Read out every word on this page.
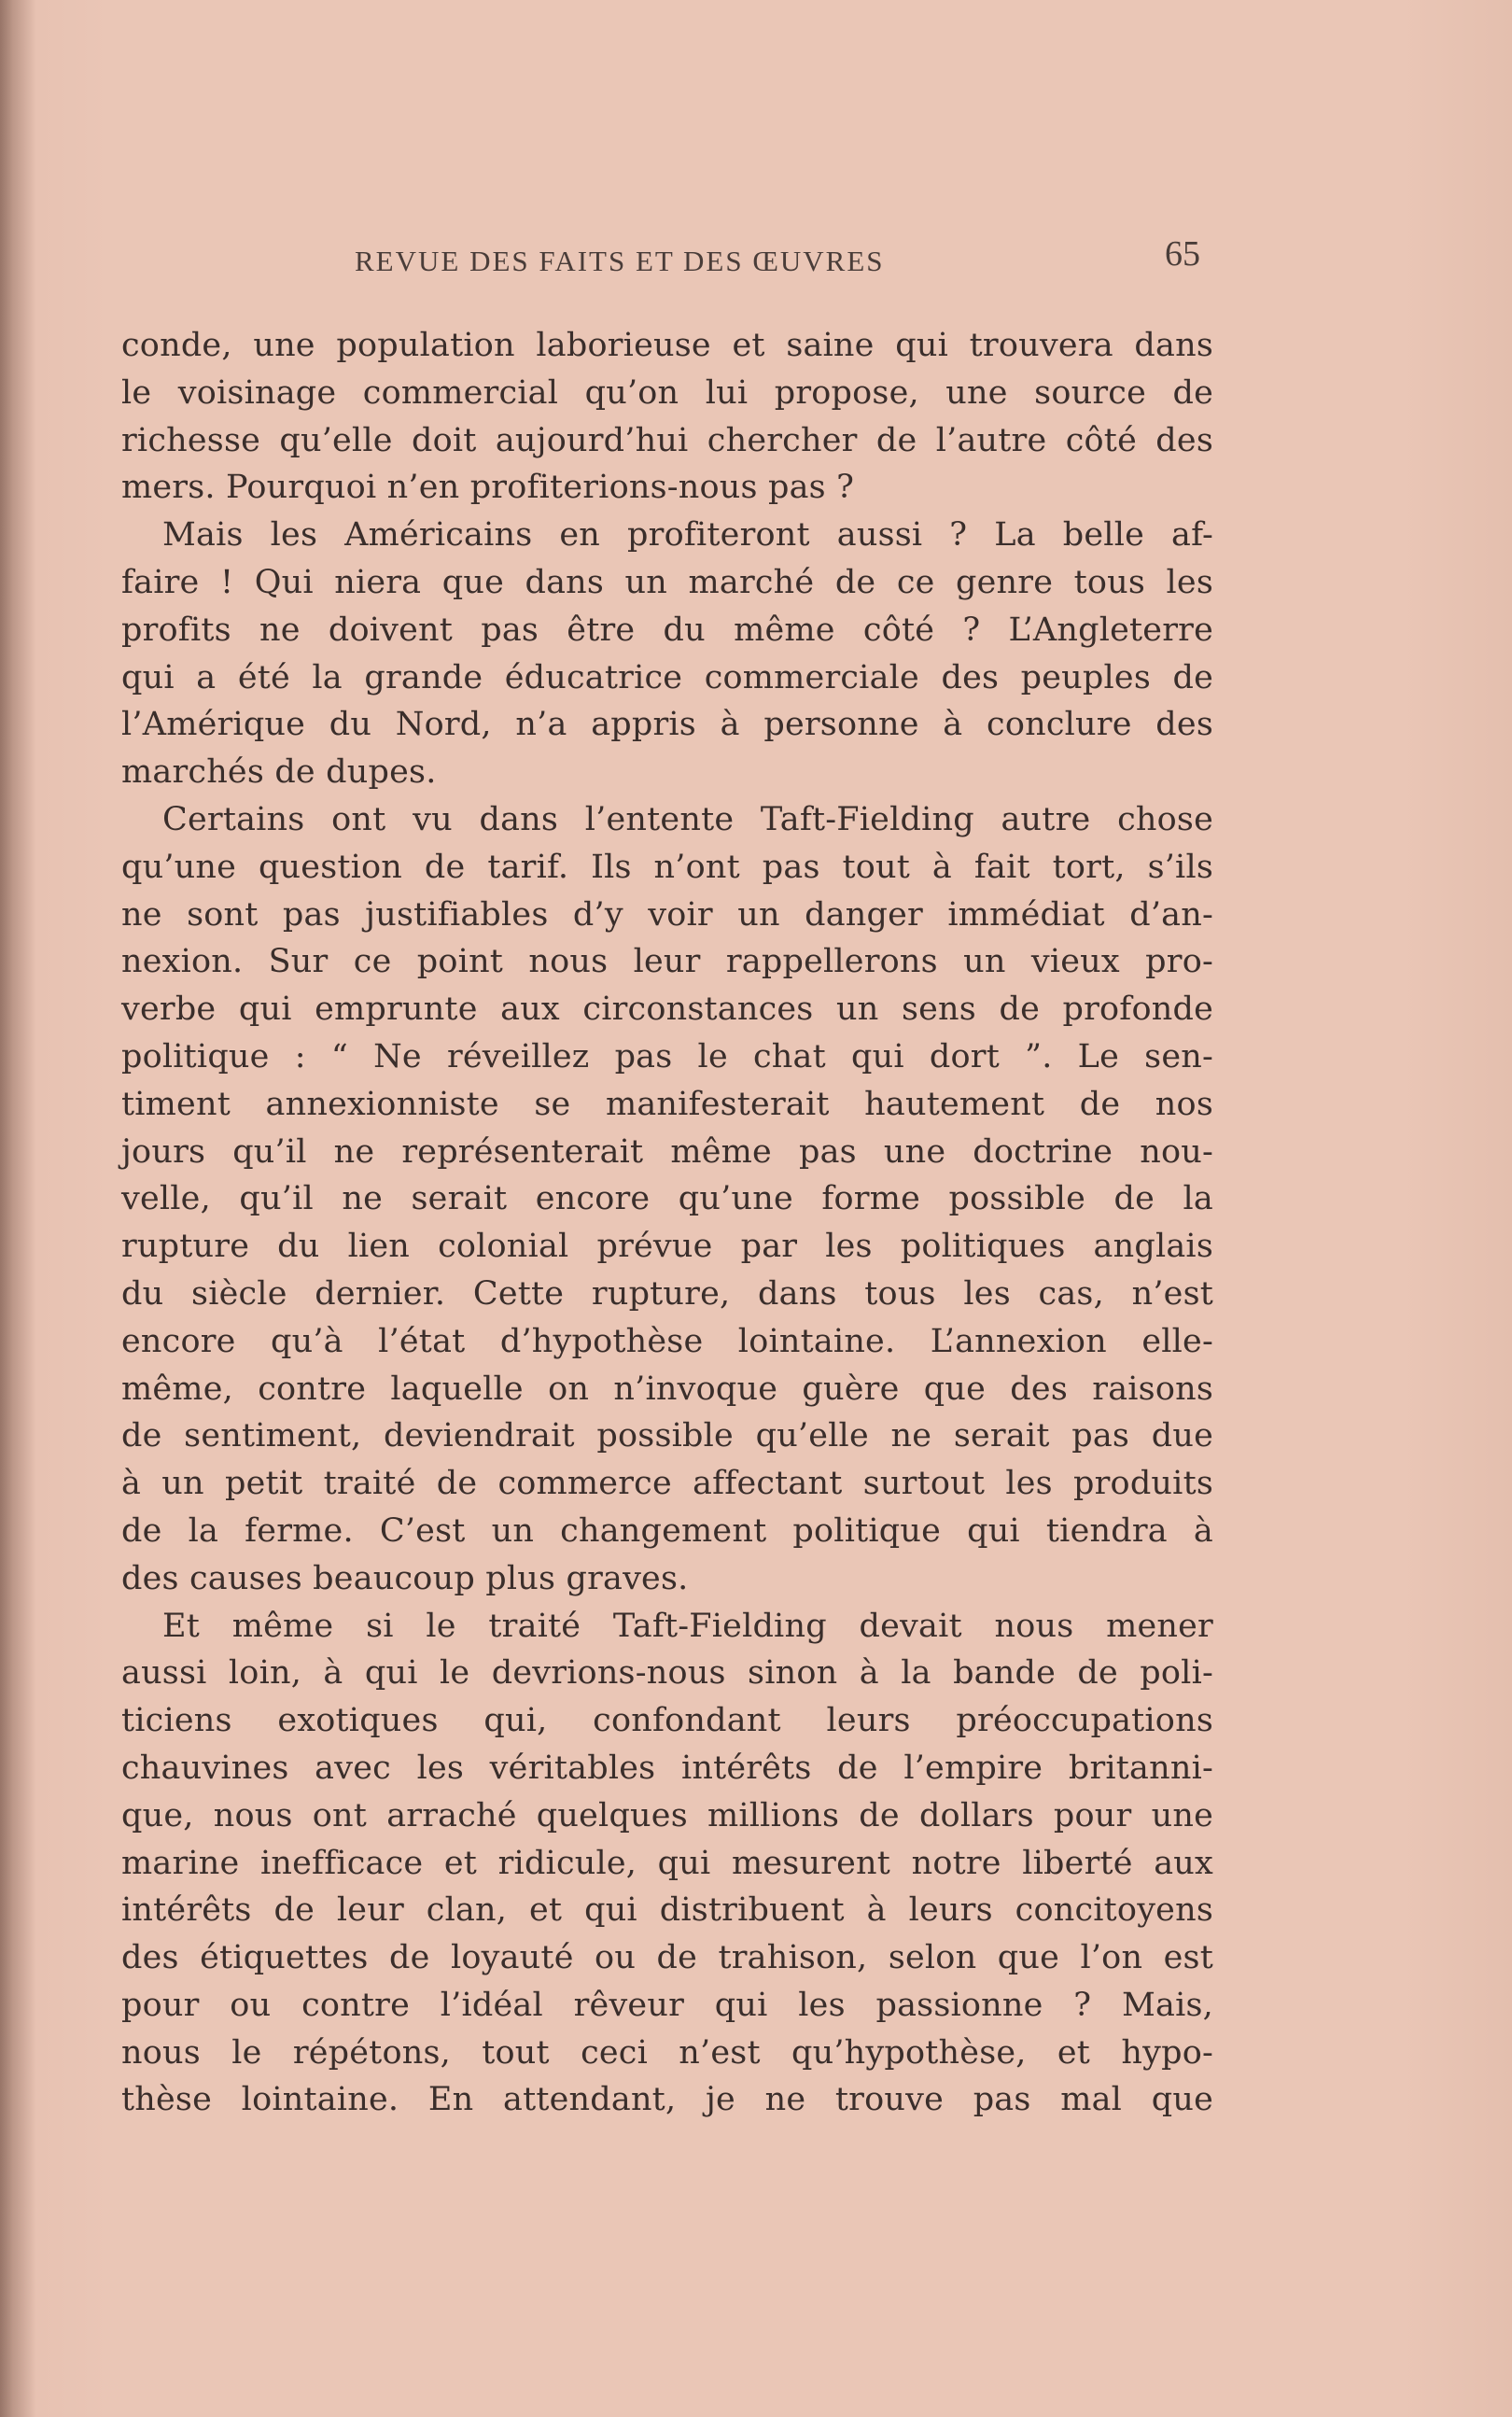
REVUE DES FAITS ET DES ŒUVRES	65
conde, une population laborieuse et saine qui trouvera dans
le voisinage commercial qu’on lui propose, une source de
richesse qu’elle doit aujourd’hui chercher de l’autre côté des
mers. Pourquoi n’en profiterions-nous pas ?
Mais les Américains en profiteront aussi ? La belle af-
faire ! Qui niera que dans un marché de ce genre tous les
profits ne doivent pas être du même côté ? L’Angleterre
qui a été la grande éducatrice commerciale des peuples de
l’Amérique du Nord, n’a appris à personne à conclure des
marchés de dupes.
Certains ont vu dans l’entente Taft-Fielding autre chose
qu’une question de tarif. Ils n’ont pas tout à fait tort, s’ils
ne sont pas justifiables d’y voir un danger immédiat d’an-
nexion. Sur ce point nous leur rappellerons un vieux pro-
verbe qui emprunte aux circonstances un sens de profonde
politique : “ Ne réveillez pas le chat qui dort ”. Le sen-
timent annexionniste se manifesterait hautement de nos
jours qu’il ne représenterait même pas une doctrine nou-
velle, qu’il ne serait encore qu’une forme possible de la
rupture du lien colonial prévue par les politiques anglais
du siècle dernier. Cette rupture, dans tous les cas, n’est
encore qu’à l’état d’hypothèse lointaine. L’annexion elle-
même, contre laquelle on n’invoque guère que des raisons
de sentiment, deviendrait possible qu’elle ne serait pas due
à un petit traité de commerce affectant surtout les produits
de la ferme. C’est un changement politique qui tiendra à
des causes beaucoup plus graves.
Et même si le traité Taft-Fielding devait nous mener
aussi loin, à qui le devrions-nous sinon à la bande de poli-
ticiens exotiques qui, confondant leurs préoccupations
chauvines avec les véritables intérêts de l’empire britanni-
que, nous ont arraché quelques millions de dollars pour une
marine inefficace et ridicule, qui mesurent notre liberté aux
intérêts de leur clan, et qui distribuent à leurs concitoyens
des étiquettes de loyauté ou de trahison, selon que l’on est
pour ou contre l’idéal rêveur qui les passionne ? Mais,
nous le répétons, tout ceci n’est qu’hypothèse, et hypo-
thèse lointaine. En attendant, je ne trouve pas mal que
